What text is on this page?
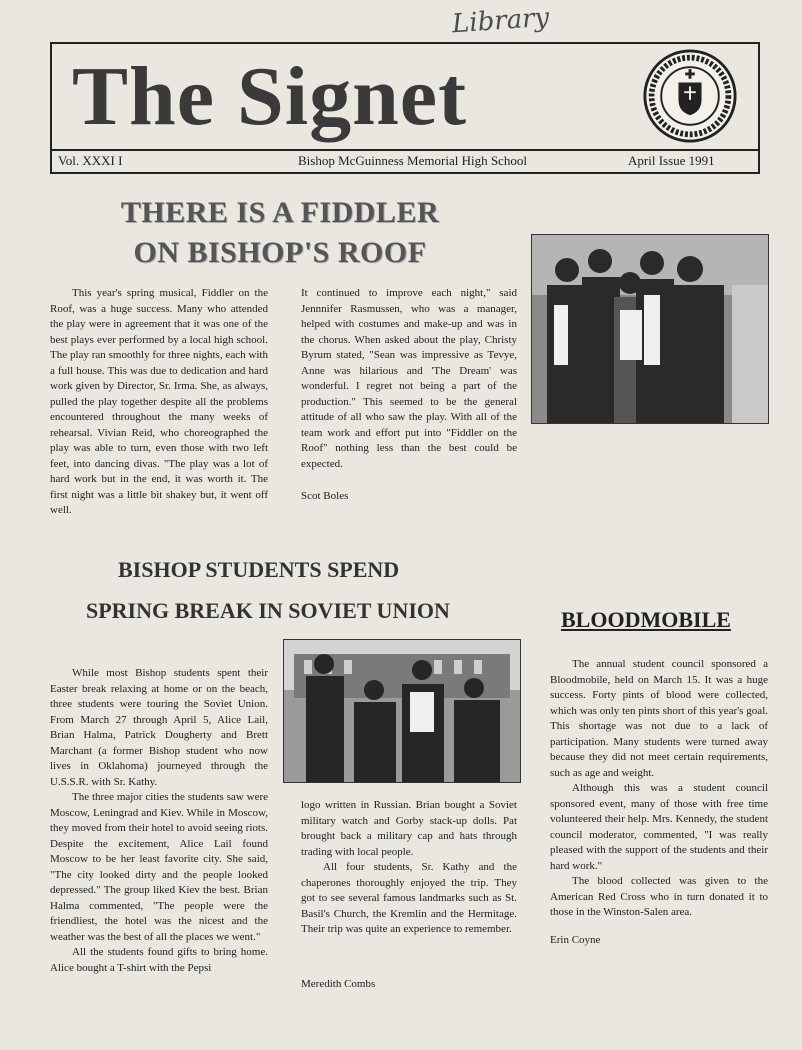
Library
The Signet
Vol. XXXI I	Bishop McGuinness Memorial High School	April Issue 1991
THERE IS A FIDDLER
ON BISHOP'S ROOF

This year's spring musical, Fiddler on the Roof, was a huge success. Many who attended the play were in agreement that it was one of the best plays ever performed by a local high school. The play ran smoothly for three nights, each with a full house. This was due to dedication and hard work given by Director, Sr. Irma. She, as always, pulled the play together despite all the problems encountered throughout the many weeks of rehearsal. Vivian Reid, who choreographed the play was able to turn, even those with two left feet, into dancing divas. "The play was a lot of hard work but in the end, it was worth it. The first night was a little bit shakey but, it went off well.

It continued to improve each night," said Jennnifer Rasmussen, who was a manager, helped with costumes and make-up and was in the chorus. When asked about the play, Christy Byrum stated, "Sean was impressive as Tevye, Anne was hilarious and 'The Dream' was wonderful. I regret not being a part of the production." This seemed to be the general attitude of all who saw the play. With all of the team work and effort put into "Fiddler on the Roof" nothing less than the best could be expected.

Scot Boles
BISHOP STUDENTS SPEND
SPRING BREAK IN SOVIET UNION

While most Bishop students spent their Easter break relaxing at home or on the beach, three students were touring the Soviet Union. From March 27 through April 5, Alice Lail, Brian Halma, Patrick Dougherty and Brett Marchant (a former Bishop student who now lives in Oklahoma) journeyed through the U.S.S.R. with Sr. Kathy.

The three major cities the students saw were Moscow, Leningrad and Kiev. While in Moscow, they moved from their hotel to avoid seeing riots. Despite the excitement, Alice Lail found Moscow to be her least favorite city. She said, "The city looked dirty and the people looked depressed." The group liked Kiev the best. Brian Halma commented, "The people were the friendliest, the hotel was the nicest and the weather was the best of all the places we went."

All the students found gifts to bring home. Alice bought a T-shirt with the Pepsi

logo written in Russian. Brian bought a Soviet military watch and Gorby stack-up dolls. Pat brought back a military cap and hats through trading with local people.

All four students, Sr. Kathy and the chaperones thoroughly enjoyed the trip. They got to see several famous landmarks such as St. Basil's Church, the Kremlin and the Hermitage. Their trip was quite an experience to remember.

Meredith Combs
BLOODMOBILE

The annual student council sponsored a Bloodmobile, held on March 15. It was a huge success. Forty pints of blood were collected, which was only ten pints short of this year's goal. This shortage was not due to a lack of participation. Many students were turned away because they did not meet certain requirements, such as age and weight.

Although this was a student council sponsored event, many of those with free time volunteered their help. Mrs. Kennedy, the student council moderator, commented, "I was really pleased with the support of the students and their hard work."

The blood collected was given to the American Red Cross who in turn donated it to those in the Winston-Salen area.

Erin Coyne
